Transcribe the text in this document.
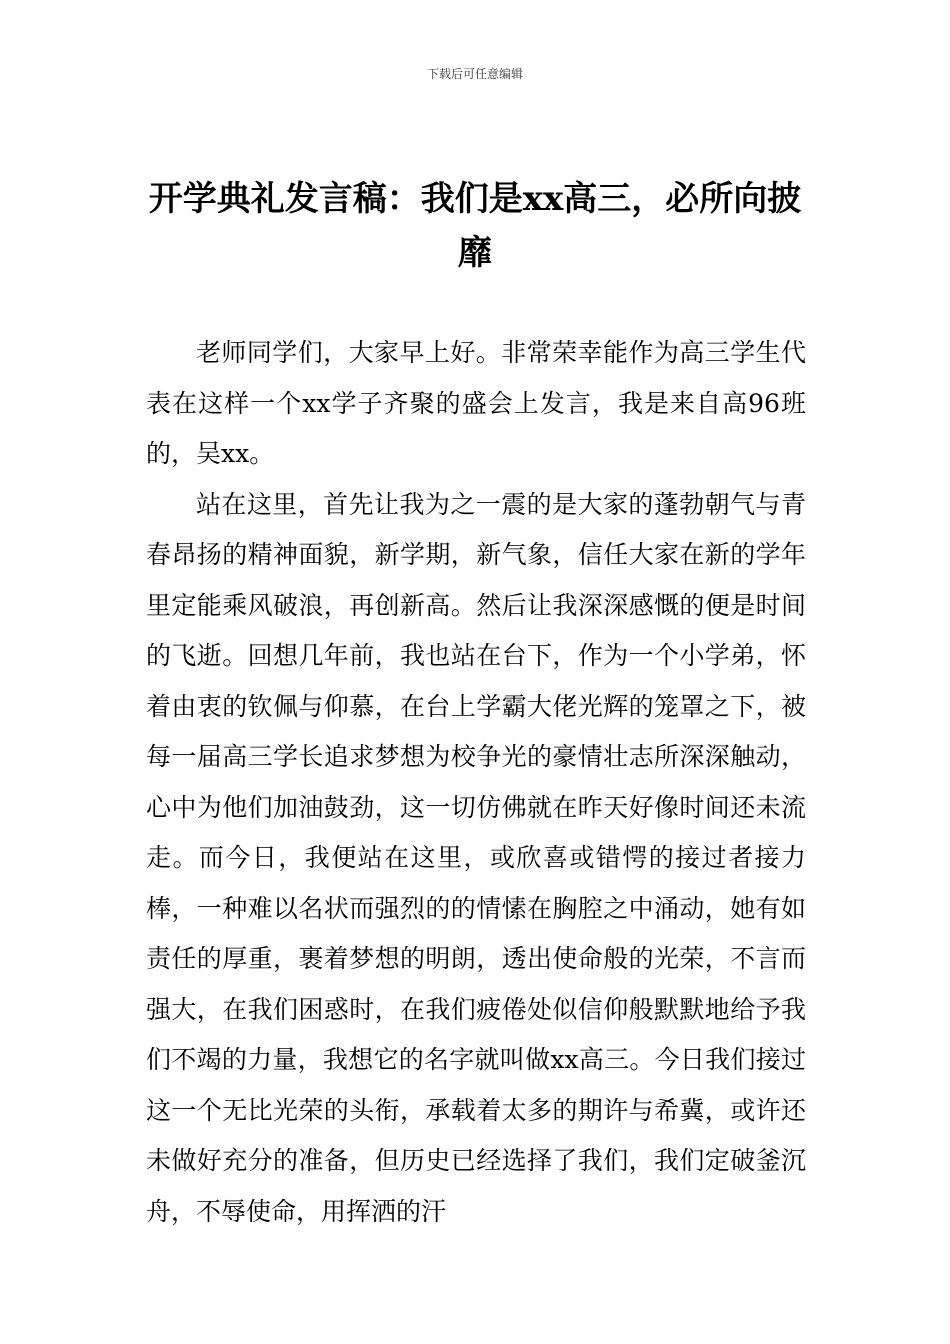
下载后可任意编辑
开学典礼发言稿：我们是xx高三，必所向披靡

老师同学们，大家早上好。非常荣幸能作为高三学生代表在这样一个xx学子齐聚的盛会上发言，我是来自高96班的，吴xx。

站在这里，首先让我为之一震的是大家的蓬勃朝气与青春昂扬的精神面貌，新学期，新气象，信任大家在新的学年里定能乘风破浪，再创新高。然后让我深深感慨的便是时间的飞逝。回想几年前，我也站在台下，作为一个小学弟，怀着由衷的钦佩与仰慕，在台上学霸大佬光辉的笼罩之下，被每一届高三学长追求梦想为校争光的豪情壮志所深深触动，心中为他们加油鼓劲，这一切仿佛就在昨天好像时间还未流走。而今日，我便站在这里，或欣喜或错愕的接过者接力棒，一种难以名状而强烈的的情愫在胸腔之中涌动，她有如责任的厚重，裹着梦想的明朗，透出使命般的光荣，不言而强大，在我们困惑时，在我们疲倦处似信仰般默默地给予我们不竭的力量，我想它的名字就叫做xx高三。今日我们接过这一个无比光荣的头衔，承载着太多的期许与希冀，或许还未做好充分的准备，但历史已经选择了我们，我们定破釜沉舟，不辱使命，用挥洒的汗
